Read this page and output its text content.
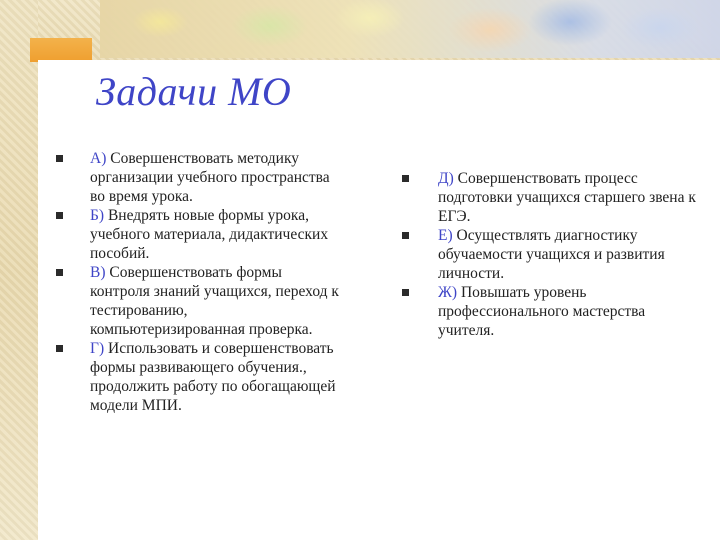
Задачи МО
А) Совершенствовать методику организации учебного пространства во время урока.
Б) Внедрять новые формы урока, учебного материала, дидактических пособий.
В) Совершенствовать формы контроля знаний учащихся, переход к тестированию, компьютеризированная проверка.
Г) Использовать и совершенствовать формы развивающего обучения., продолжить работу по обогащающей модели МПИ.
Д) Совершенствовать процесс подготовки учащихся старшего звена к ЕГЭ.
Е) Осуществлять диагностику обучаемости учащихся и развития личности.
Ж) Повышать уровень профессионального мастерства учителя.
